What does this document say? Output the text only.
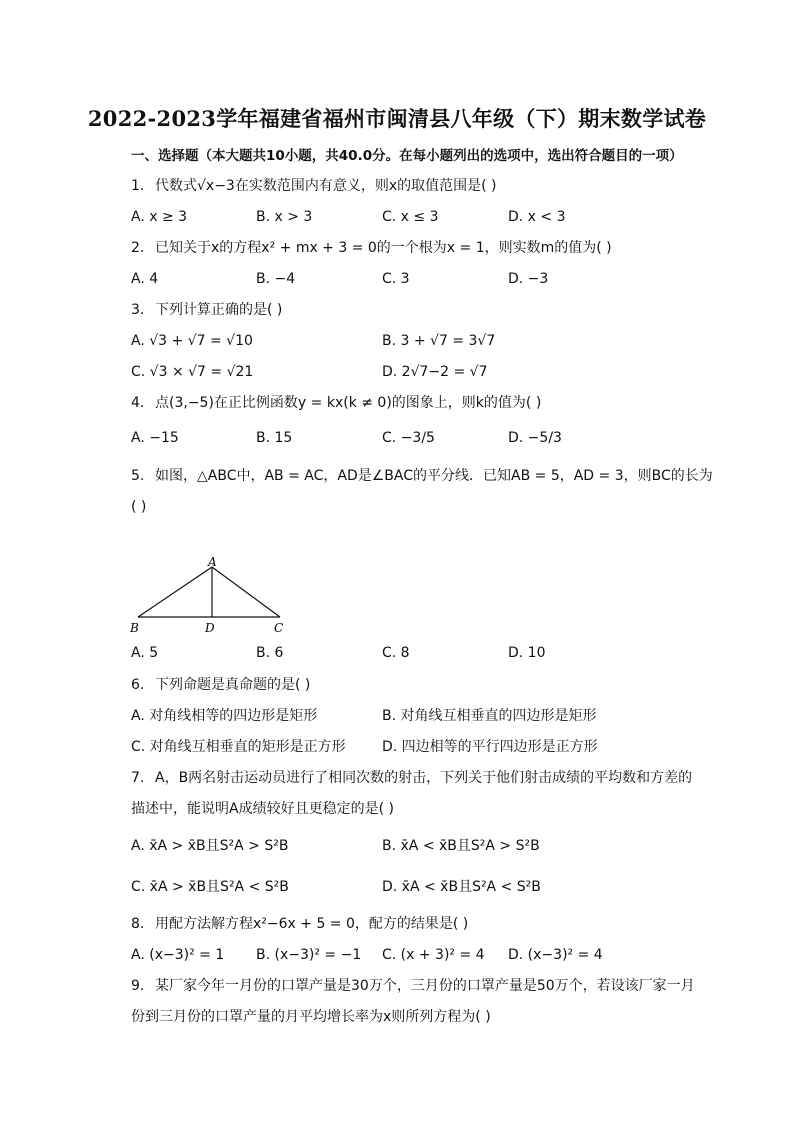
2022-2023学年福建省福州市闽清县八年级（下）期末数学试卷
一、选择题（本大题共10小题，共40.0分。在每小题列出的选项中，选出符合题目的一项）
1. 代数式√x−3在实数范围内有意义，则x的取值范围是( )
A. x ≥ 3	B. x > 3	C. x ≤ 3	D. x < 3
2. 已知关于x的方程x² + mx + 3 = 0的一个根为x = 1，则实数m的值为( )
A. 4	B. −4	C. 3	D. −3
3. 下列计算正确的是( )
A. √3 + √7 = √10	B. 3 + √7 = 3√7
C. √3 × √7 = √21	D. 2√7−2 = √7
4. 点(3,−5)在正比例函数y = kx(k ≠ 0)的图象上，则k的值为( )
A. −15	B. 15	C. −3/5	D. −5/3
5. 如图，△ABC中，AB = AC，AD是∠BAC的平分线．已知AB = 5，AD = 3，则BC的长为
( )
A
B	D	C
A. 5	B. 6	C. 8	D. 10
6. 下列命题是真命题的是( )
A. 对角线相等的四边形是矩形	B. 对角线互相垂直的四边形是矩形
C. 对角线互相垂直的矩形是正方形	D. 四边相等的平行四边形是正方形
7. A，B两名射击运动员进行了相同次数的射击，下列关于他们射击成绩的平均数和方差的
描述中，能说明A成绩较好且更稳定的是( )
A. x̄A > x̄B且S²A > S²B	B. x̄A < x̄B且S²A > S²B
C. x̄A > x̄B且S²A < S²B	D. x̄A < x̄B且S²A < S²B
8. 用配方法解方程x²−6x + 5 = 0，配方的结果是( )
A. (x−3)² = 1 B. (x−3)² = −1 C. (x + 3)² = 4 D. (x−3)² = 4
9. 某厂家今年一月份的口罩产量是30万个，三月份的口罩产量是50万个，若设该厂家一月
份到三月份的口罩产量的月平均增长率为x则所列方程为( )
